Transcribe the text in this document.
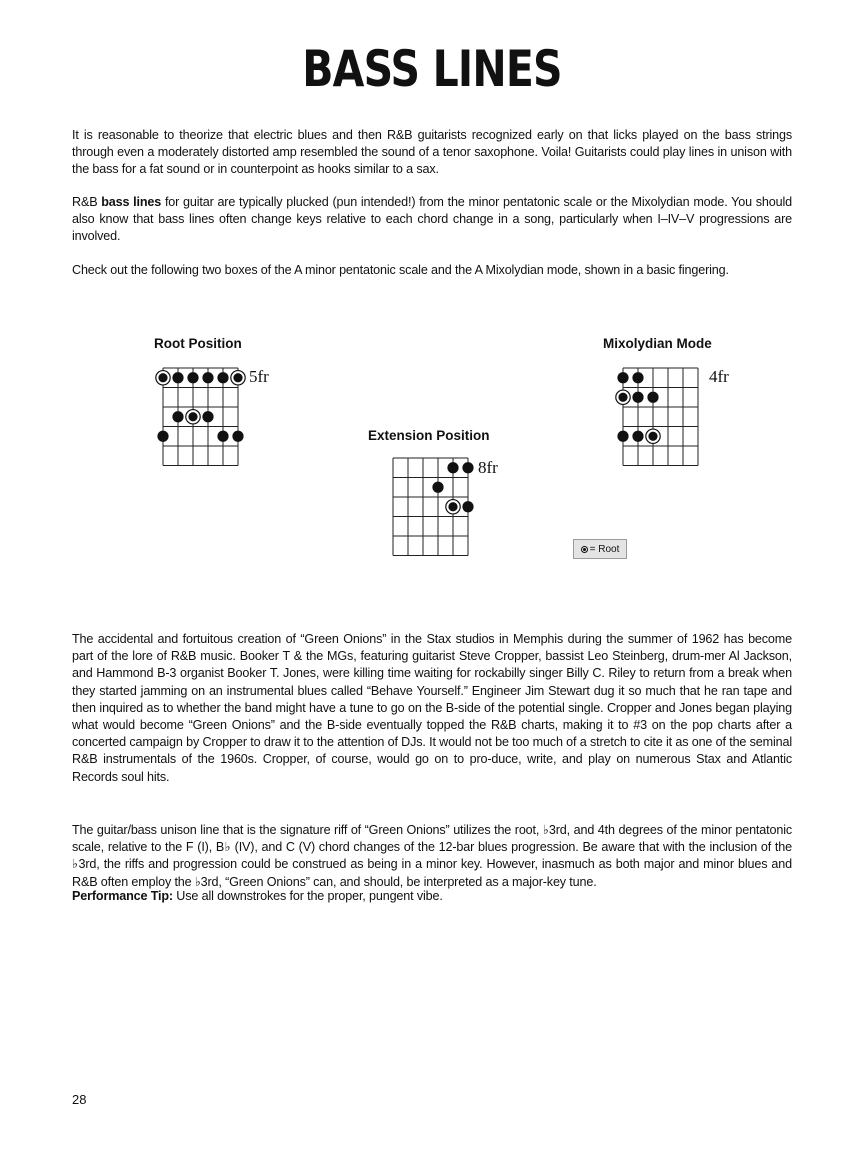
BASS LINES

It is reasonable to theorize that electric blues and then R&B guitarists recognized early on that licks played on the bass strings through even a moderately distorted amp resembled the sound of a tenor saxophone. Voila! Guitarists could play lines in unison with the bass for a fat sound or in counterpoint as hooks similar to a sax.

R&B bass lines for guitar are typically plucked (pun intended!) from the minor pentatonic scale or the Mixolydian mode. You should also know that bass lines often change keys relative to each chord change in a song, particularly when I–IV–V progressions are involved.

Check out the following two boxes of the A minor pentatonic scale and the A Mixolydian mode, shown in a basic fingering.

Root Position
5fr
Extension Position
8fr
Mixolydian Mode
4fr
= Root

The accidental and fortuitous creation of “Green Onions” in the Stax studios in Memphis during the summer of 1962 has become part of the lore of R&B music. Booker T & the MGs, featuring guitarist Steve Cropper, bassist Leo Steinberg, drum-mer Al Jackson, and Hammond B-3 organist Booker T. Jones, were killing time waiting for rockabilly singer Billy C. Riley to return from a break when they started jamming on an instrumental blues called “Behave Yourself.” Engineer Jim Stewart dug it so much that he ran tape and then inquired as to whether the band might have a tune to go on the B-side of the potential single. Cropper and Jones began playing what would become “Green Onions” and the B-side eventually topped the R&B charts, making it to #3 on the pop charts after a concerted campaign by Cropper to draw it to the attention of DJs. It would not be too much of a stretch to cite it as one of the seminal R&B instrumentals of the 1960s. Cropper, of course, would go on to pro-duce, write, and play on numerous Stax and Atlantic Records soul hits.

The guitar/bass unison line that is the signature riff of “Green Onions” utilizes the root, ♭3rd, and 4th degrees of the minor pentatonic scale, relative to the F (I), B♭ (IV), and C (V) chord changes of the 12-bar blues progression. Be aware that with the inclusion of the ♭3rd, the riffs and progression could be construed as being in a minor key. However, inasmuch as both major and minor blues and R&B often employ the ♭3rd, “Green Onions” can, and should, be interpreted as a major-key tune.

Performance Tip: Use all downstrokes for the proper, pungent vibe.

28
